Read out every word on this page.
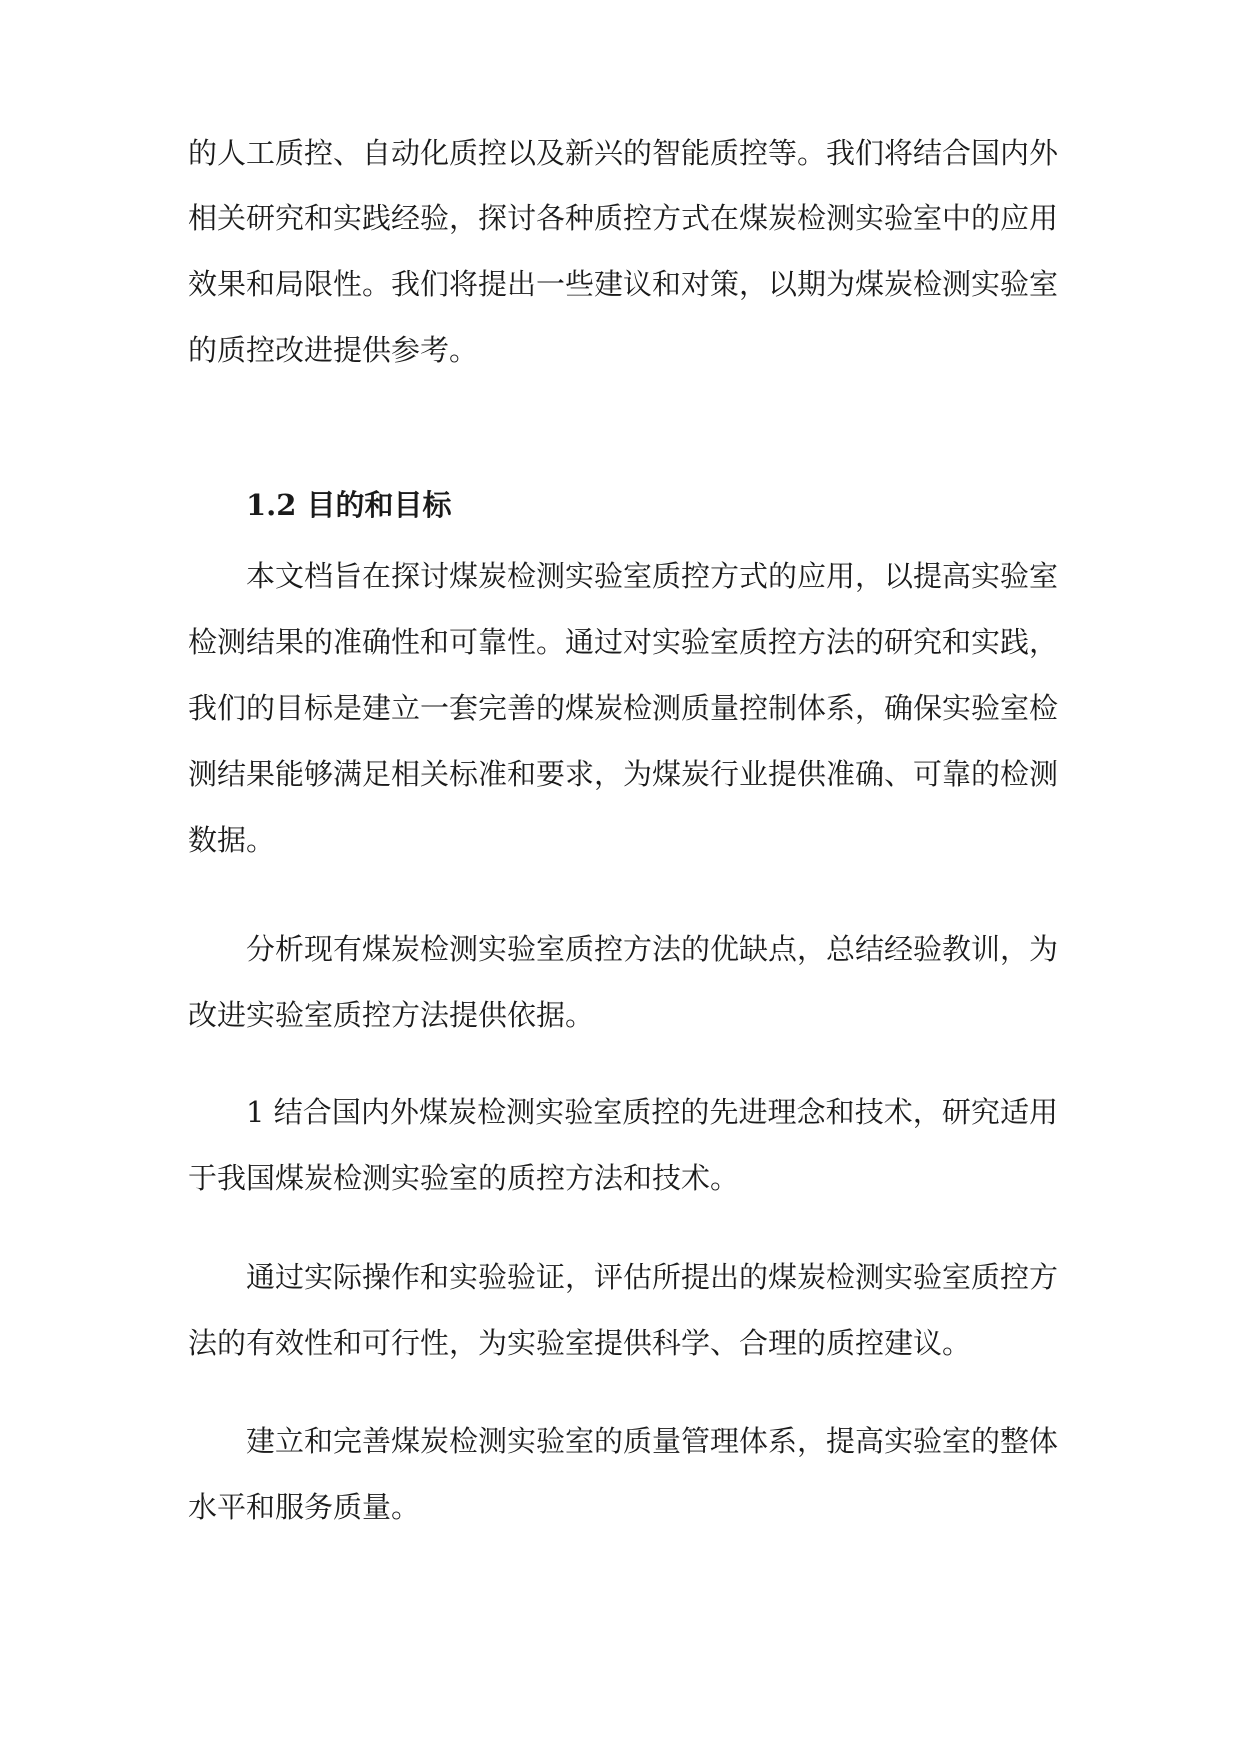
的人工质控、自动化质控以及新兴的智能质控等。我们将结合国内外
相关研究和实践经验，探讨各种质控方式在煤炭检测实验室中的应用
效果和局限性。我们将提出一些建议和对策，以期为煤炭检测实验室
的质控改进提供参考。
1.2 目的和目标
本文档旨在探讨煤炭检测实验室质控方式的应用，以提高实验室
检测结果的准确性和可靠性。通过对实验室质控方法的研究和实践，
我们的目标是建立一套完善的煤炭检测质量控制体系，确保实验室检
测结果能够满足相关标准和要求，为煤炭行业提供准确、可靠的检测
数据。
分析现有煤炭检测实验室质控方法的优缺点，总结经验教训，为
改进实验室质控方法提供依据。
1 结合国内外煤炭检测实验室质控的先进理念和技术，研究适用
于我国煤炭检测实验室的质控方法和技术。
通过实际操作和实验验证，评估所提出的煤炭检测实验室质控方
法的有效性和可行性，为实验室提供科学、合理的质控建议。
建立和完善煤炭检测实验室的质量管理体系，提高实验室的整体
水平和服务质量。
